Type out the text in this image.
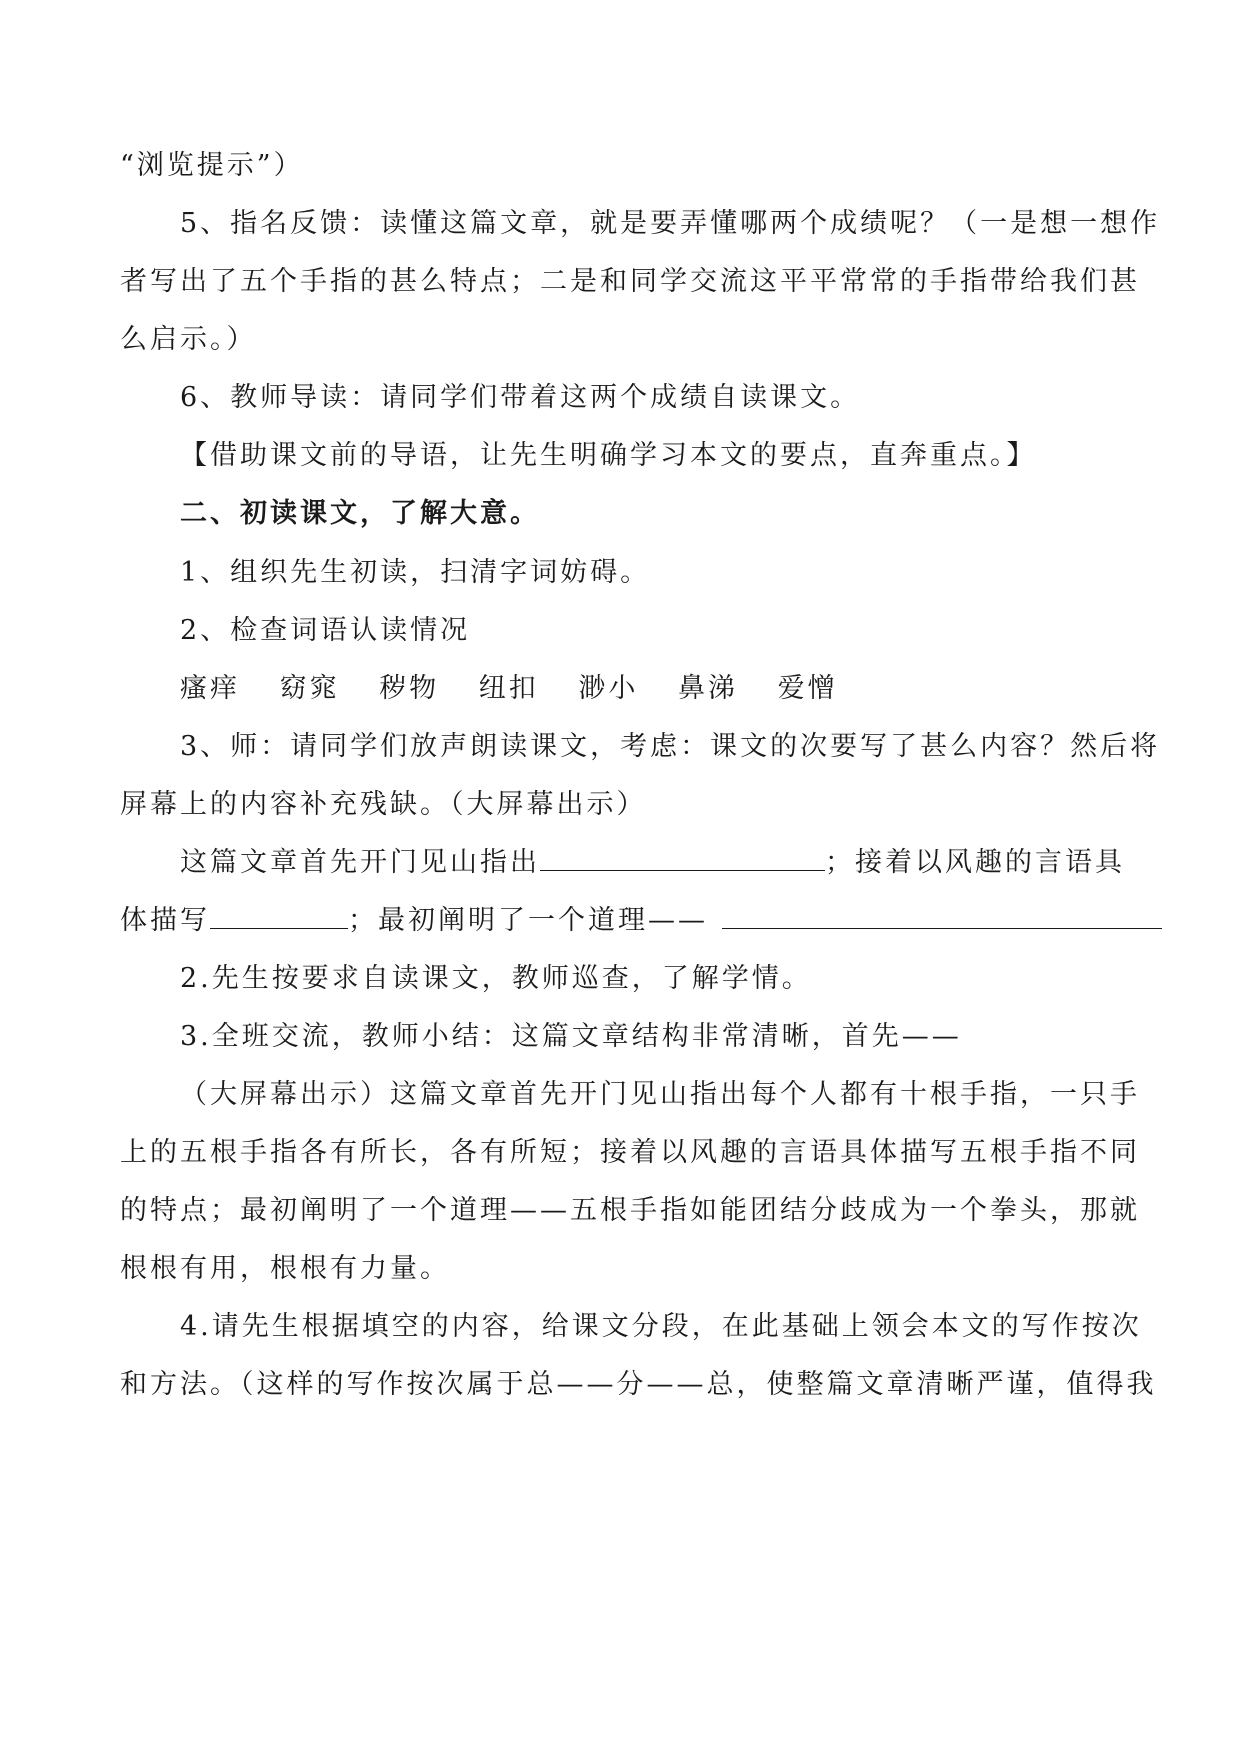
“浏览提示”）
5、指名反馈：读懂这篇文章，就是要弄懂哪两个成绩呢？（一是想一想作
者写出了五个手指的甚么特点；二是和同学交流这平平常常的手指带给我们甚
么启示。）
6、教师导读：请同学们带着这两个成绩自读课文。
【借助课文前的导语，让先生明确学习本文的要点，直奔重点。】
二、初读课文，了解大意。
1、组织先生初读，扫清字词妨碍。
2、检查词语认读情况
瘙痒 窈窕 秽物 纽扣 渺小 鼻涕 爱憎
3、师：请同学们放声朗读课文，考虑：课文的次要写了甚么内容？然后将
屏幕上的内容补充残缺。（大屏幕出示）
这篇文章首先开门见山指出	；接着以风趣的言语具
体描写	；最初阐明了一个道理——
2.先生按要求自读课文，教师巡查，了解学情。
3.全班交流，教师小结：这篇文章结构非常清晰，首先——
（大屏幕出示）这篇文章首先开门见山指出每个人都有十根手指，一只手
上的五根手指各有所长，各有所短；接着以风趣的言语具体描写五根手指不同
的特点；最初阐明了一个道理——五根手指如能团结分歧成为一个拳头，那就
根根有用，根根有力量。
4.请先生根据填空的内容，给课文分段，在此基础上领会本文的写作按次
和方法。（这样的写作按次属于总——分——总，使整篇文章清晰严谨，值得我
